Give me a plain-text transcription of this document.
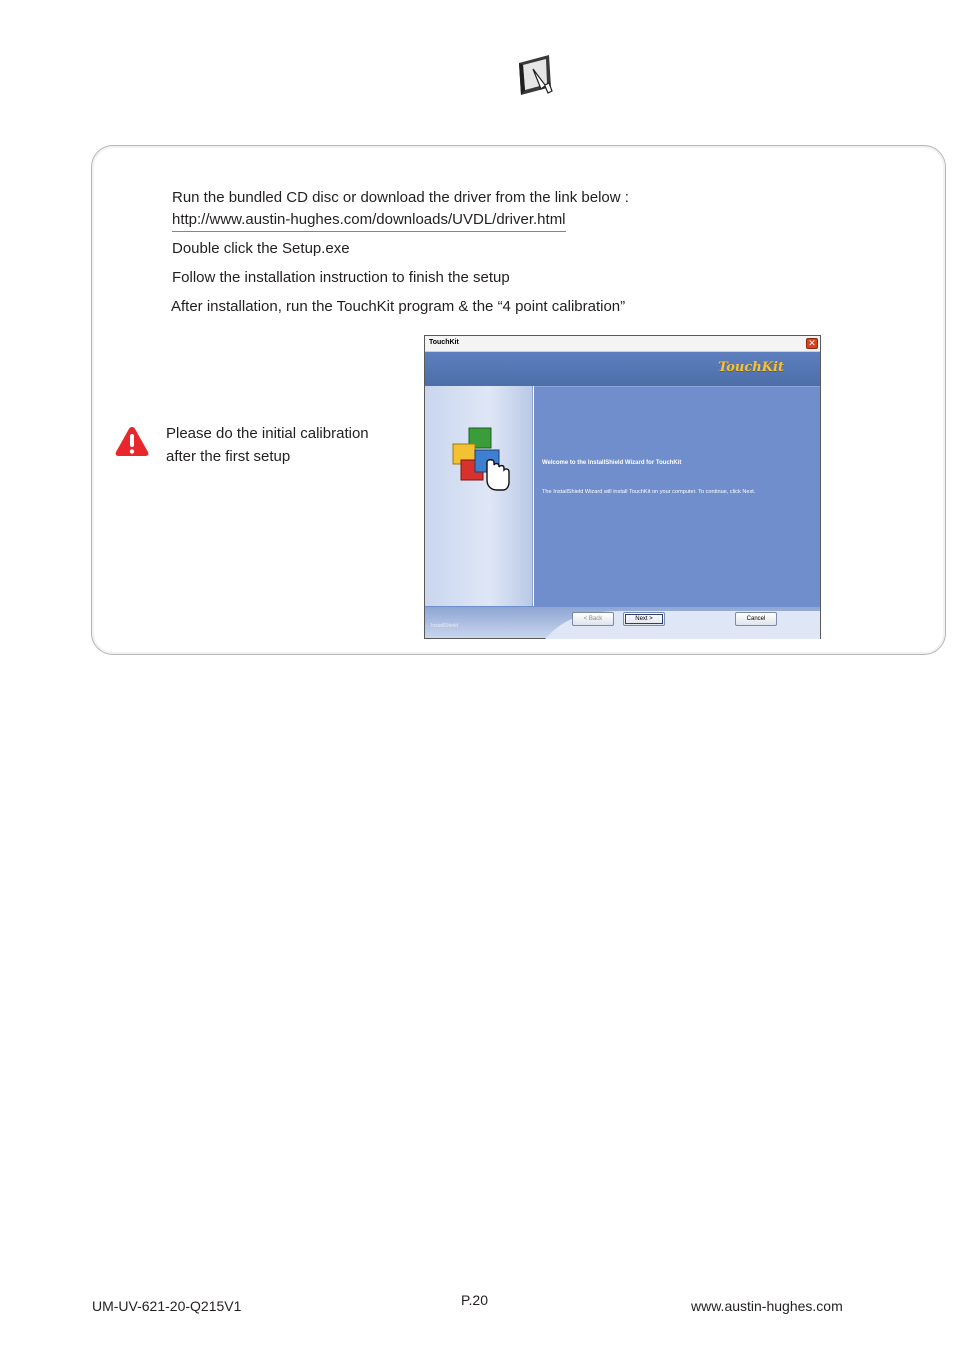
Run the bundled CD disc or download the driver from the link below :
http://www.austin-hughes.com/downloads/UVDL/driver.html
Double click the Setup.exe
Follow the installation instruction to finish the setup
After installation, run the TouchKit program & the “4 point calibration”
Please do the initial calibration
after the first setup
TouchKit	✕
TouchKit
Welcome to the InstallShield Wizard for TouchKit
The InstallShield Wizard will install TouchKit on your computer. To continue, click Next.
InstallShield
< Back	Next >	Cancel
UM-UV-621-20-Q215V1	P.20	www.austin-hughes.com
